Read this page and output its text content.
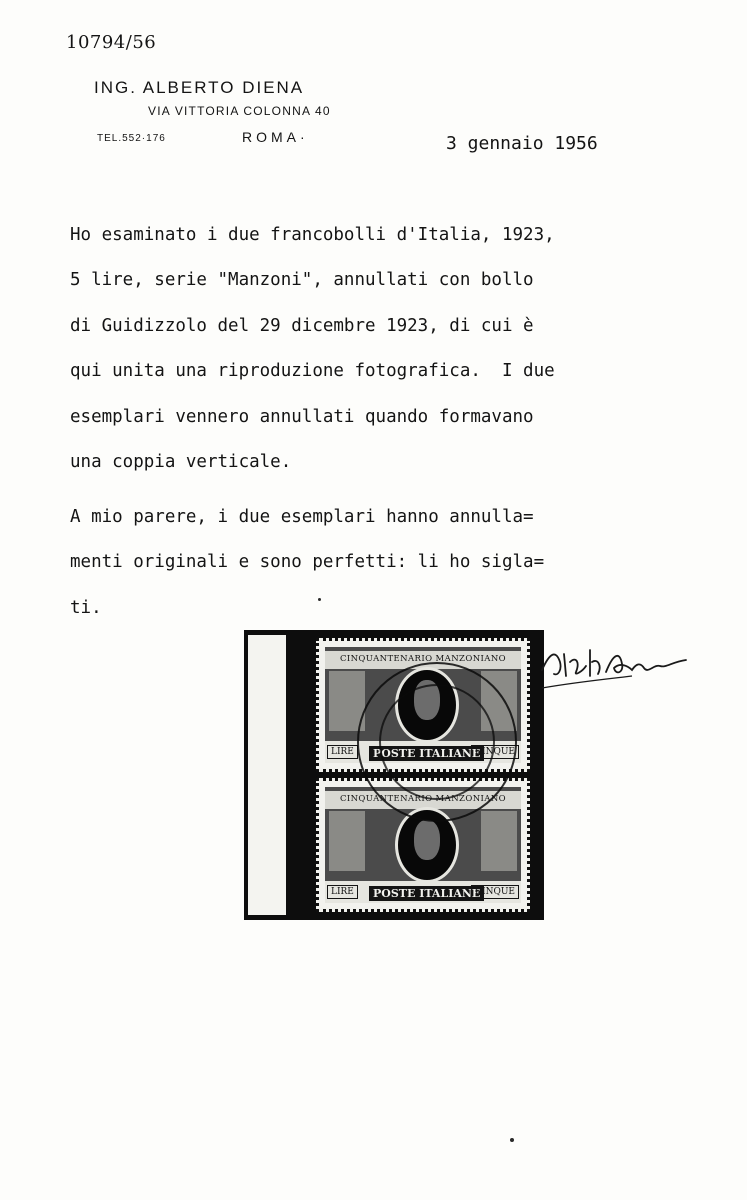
10794/56
ING. ALBERTO DIENA
VIA VITTORIA COLONNA 40
TEL.552·176	ROMA·	3 gennaio 1956
Ho esaminato i due francobolli d'Italia, 1923,
5 lire, serie "Manzoni", annullati con bollo
di Guidizzolo del 29 dicembre 1923, di cui è
qui unita una riproduzione fotografica.  I due
esemplari vennero annullati quando formavano
una coppia verticale.
A mio parere, i due esemplari hanno annulla=
menti originali e sono perfetti: li ho sigla=
ti.
CINQUANTENARIO MANZONIANO
LIRE	POSTE ITALIANE
CINQUE
CINQUANTENARIO MANZONIANO
LIRE	POSTE ITALIANE
CINQUE
